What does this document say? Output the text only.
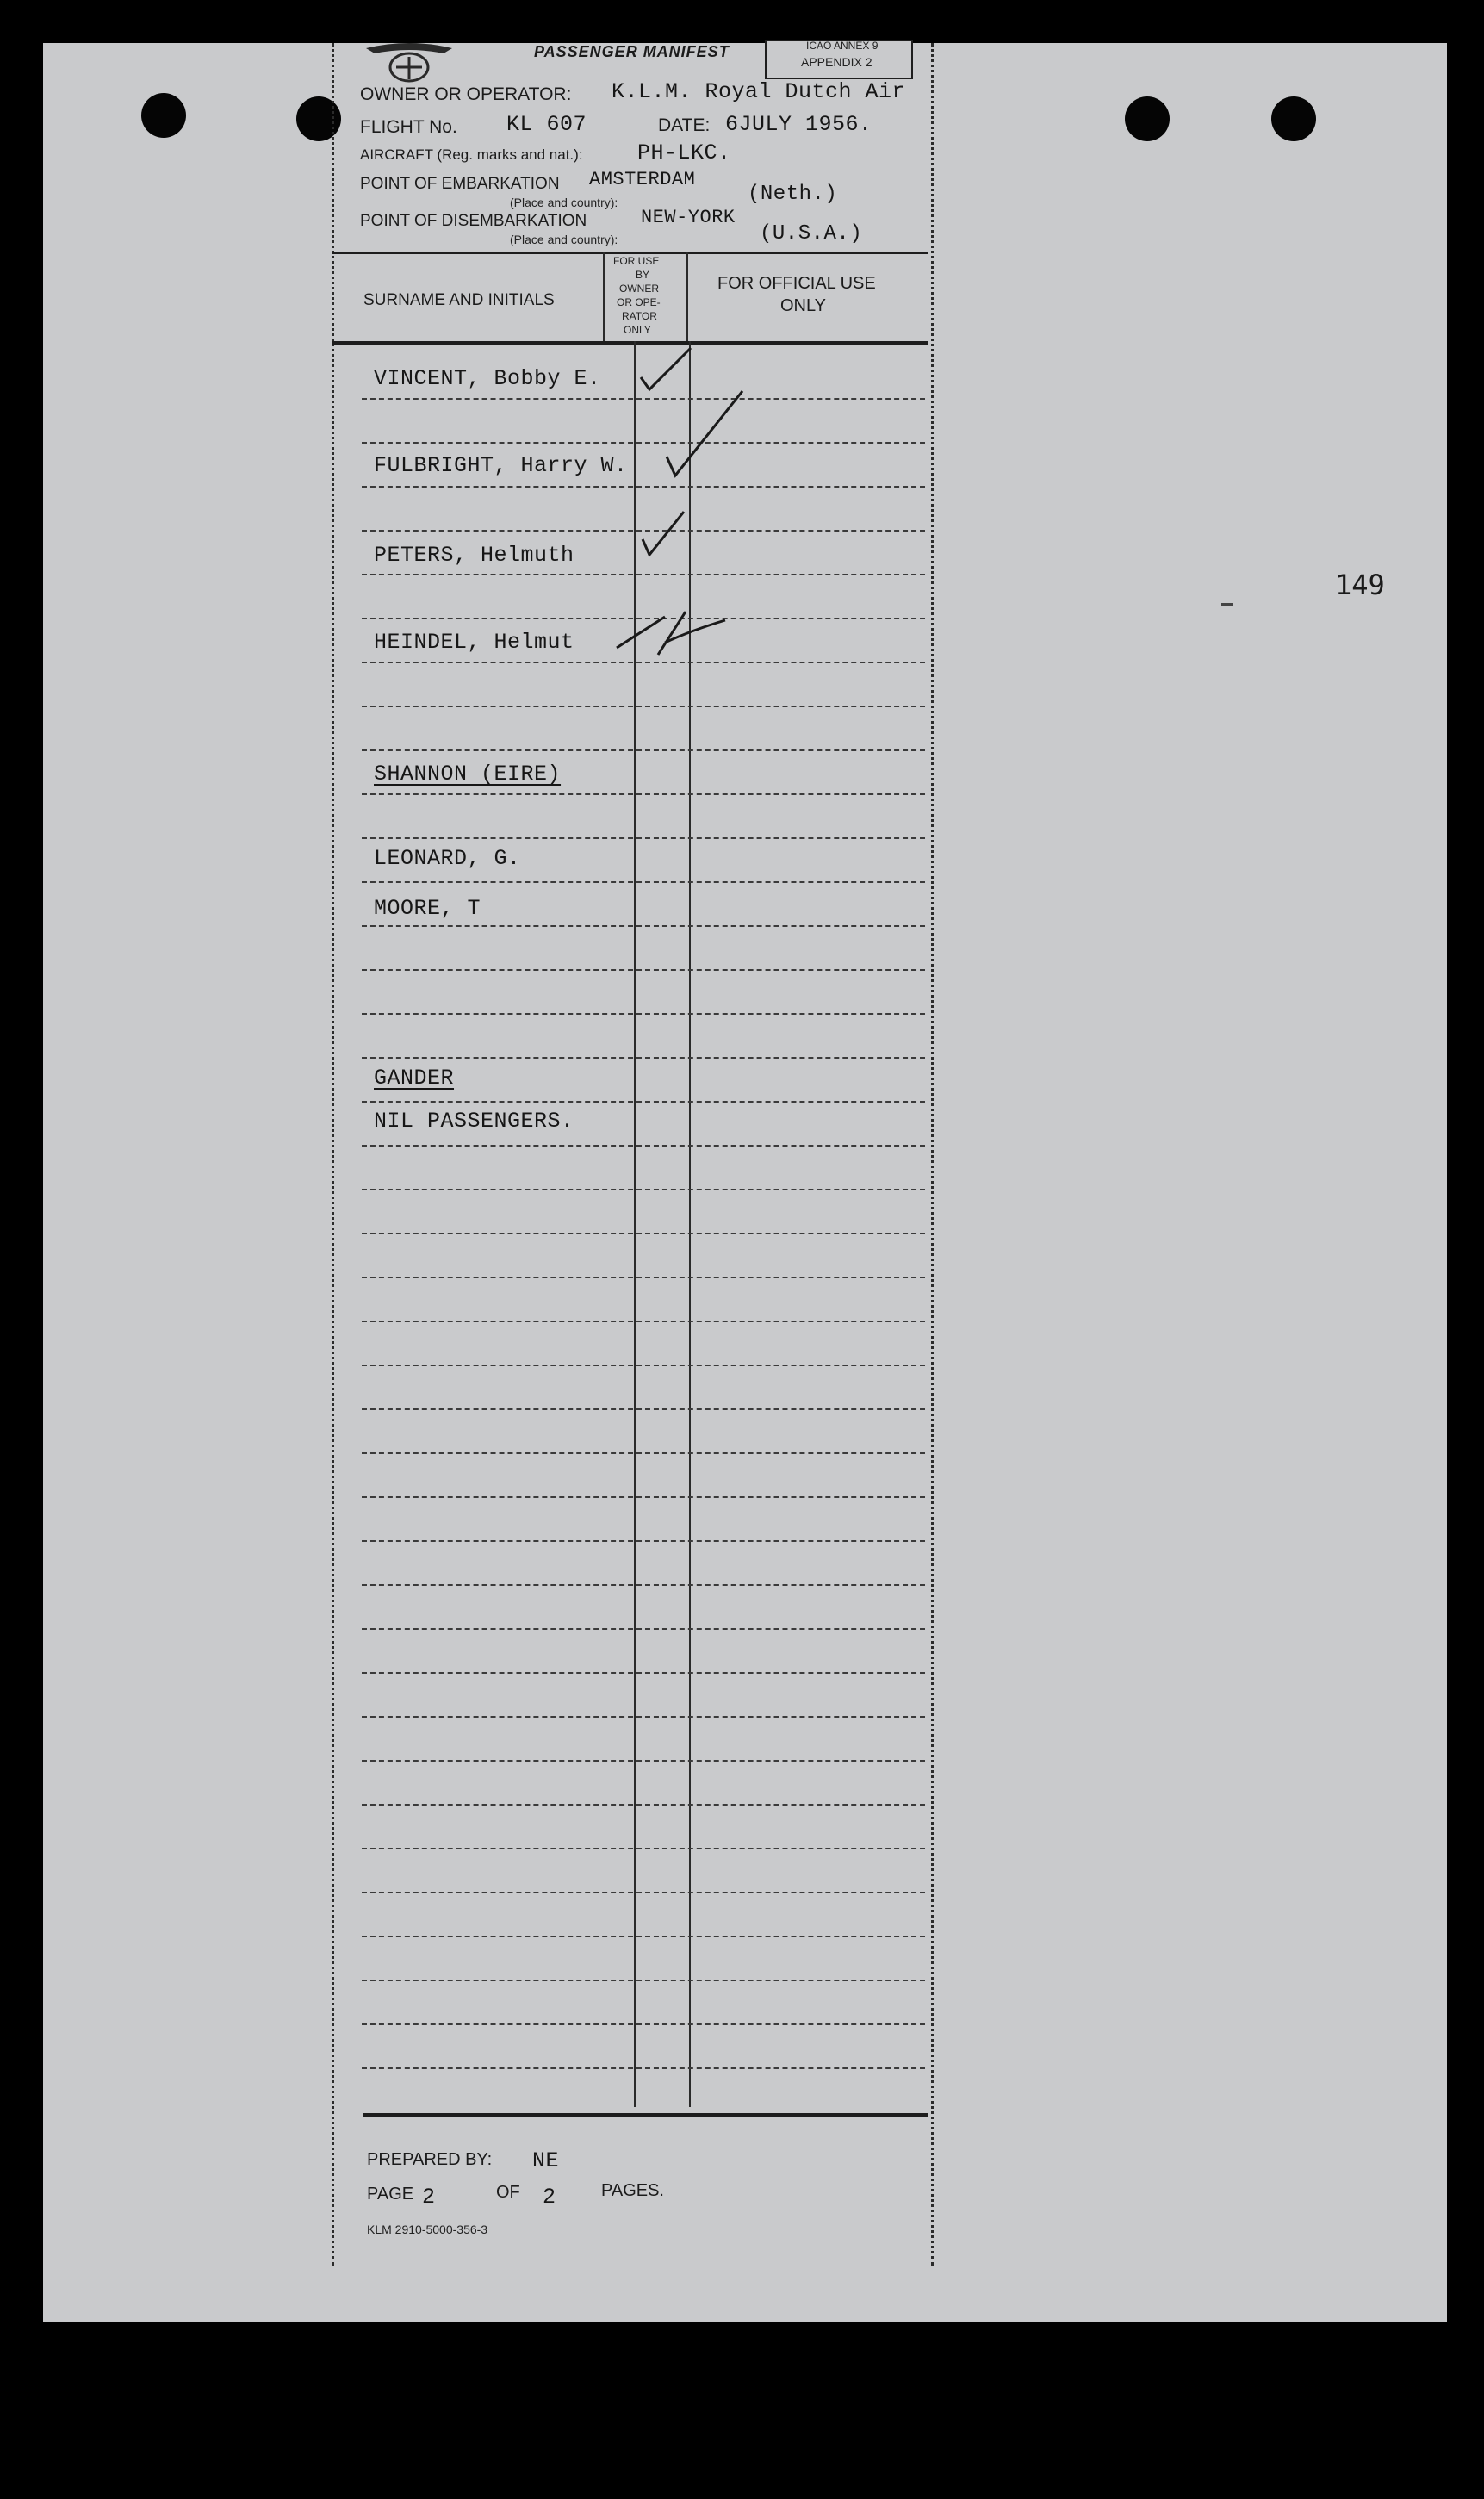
PASSENGER MANIFEST	ICAO ANNEX 9
APPENDIX 2
OWNER OR OPERATOR: K.L.M. Royal Dutch Air
FLIGHT No. KL 607	DATE: 6JULY 1956.
AIRCRAFT (Reg. marks and nat.):	PH-LKC.
POINT OF EMBARKATION
(Place and country):
AMSTERDAM
(Neth.)
POINT OF DISEMBARKATION
(Place and country):
NEW-YORK
(U.S.A.)
SURNAME AND INITIALS
FOR USE
BY
OWNER
OR OPE-
RATOR
ONLY
FOR OFFICIAL USE
ONLY
VINCENT, Bobby E.
FULBRIGHT, Harry W.
PETERS, Helmuth
HEINDEL, Helmut
SHANNON (EIRE)
LEONARD, G.
MOORE, T
GANDER
NIL PASSENGERS.
PREPARED BY: NE
PAGE 2	OF 2	PAGES.
KLM 2910-5000-356-3
149
